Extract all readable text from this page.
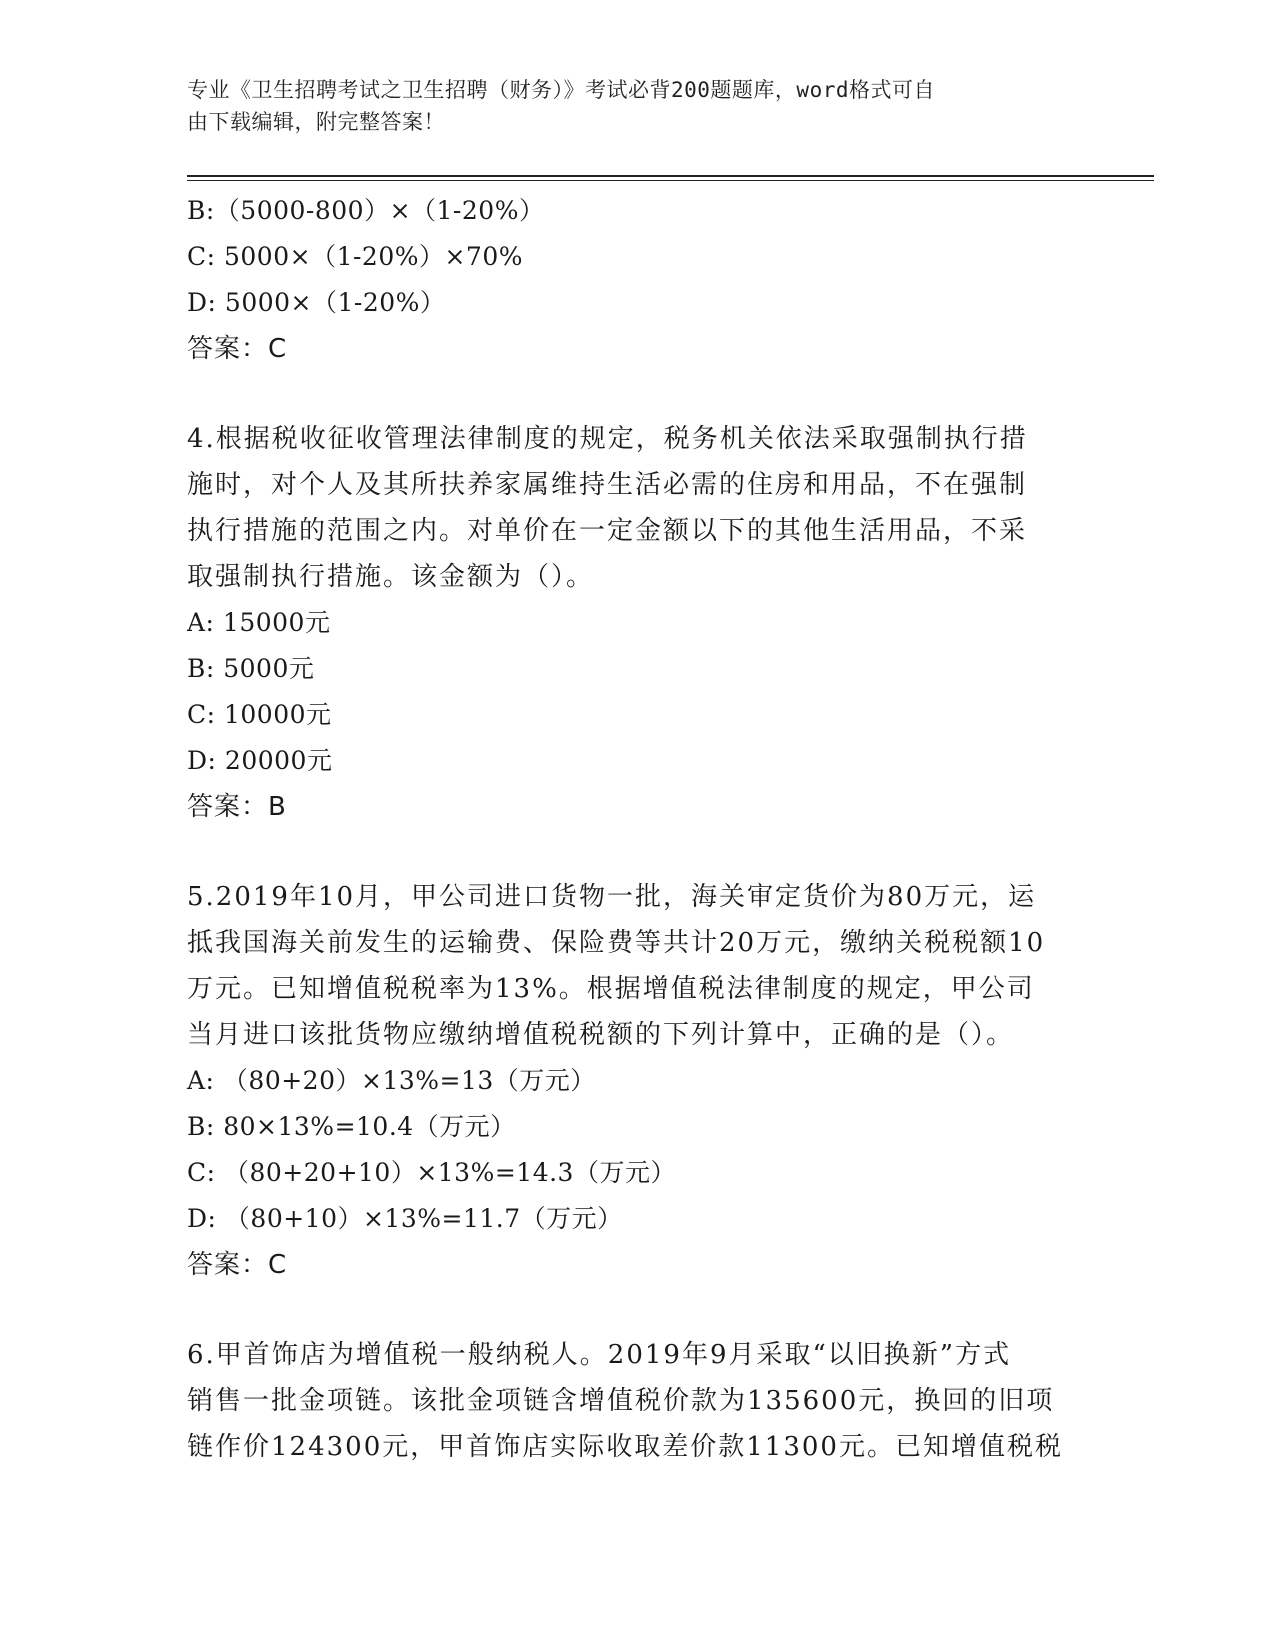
专业《卫生招聘考试之卫生招聘（财务）》考试必背200题题库，word格式可自
由下载编辑，附完整答案！
B:（5000-800）×（1-20%）
C: 5000×（1-20%）×70%
D: 5000×（1-20%）
答案：C
4.根据税收征收管理法律制度的规定，税务机关依法采取强制执行措
施时，对个人及其所扶养家属维持生活必需的住房和用品，不在强制
执行措施的范围之内。对单价在一定金额以下的其他生活用品，不采
取强制执行措施。该金额为（）。
A: 15000元
B: 5000元
C: 10000元
D: 20000元
答案：B
5.2019年10月，甲公司进口货物一批，海关审定货价为80万元，运
抵我国海关前发生的运输费、保险费等共计20万元，缴纳关税税额10
万元。已知增值税税率为13%。根据增值税法律制度的规定，甲公司
当月进口该批货物应缴纳增值税税额的下列计算中，正确的是（）。
A: （80+20）×13%=13（万元）
B: 80×13%=10.4（万元）
C: （80+20+10）×13%=14.3（万元）
D: （80+10）×13%=11.7（万元）
答案：C
6.甲首饰店为增值税一般纳税人。2019年9月采取“以旧换新”方式
销售一批金项链。该批金项链含增值税价款为135600元，换回的旧项
链作价124300元，甲首饰店实际收取差价款11300元。已知增值税税
